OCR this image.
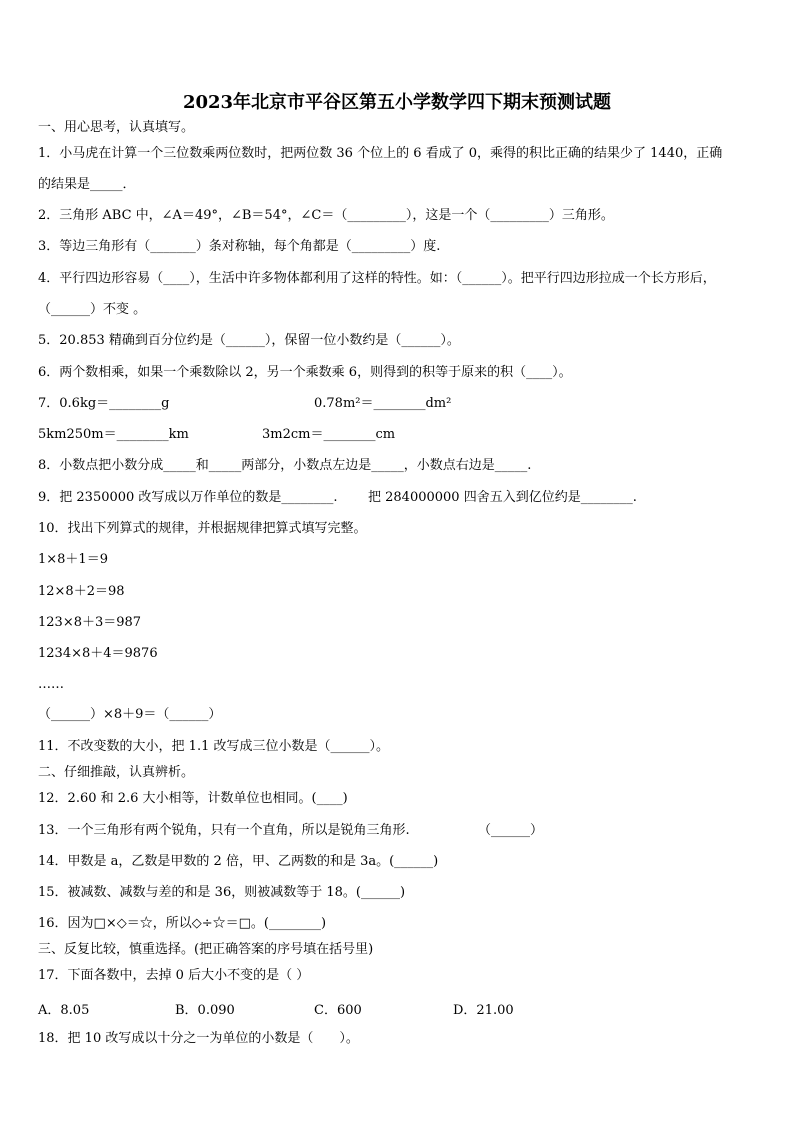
2023年北京市平谷区第五小学数学四下期末预测试题
一、用心思考，认真填写。
1．小马虎在计算一个三位数乘两位数时，把两位数 36 个位上的 6 看成了 0，乘得的积比正确的结果少了 1440，正确
的结果是_____．
2．三角形 ABC 中，∠A＝49°，∠B＝54°，∠C＝（_________），这是一个（_________）三角形。
3．等边三角形有（_______）条对称轴，每个角都是（_________）度.
4．平行四边形容易（____），生活中许多物体都利用了这样的特性。如：（______）。把平行四边形拉成一个长方形后，
（______）不变 。
5．20.853 精确到百分位约是（______），保留一位小数约是（______）。
6．两个数相乘，如果一个乘数除以 2，另一个乘数乘 6，则得到的积等于原来的积（____）。
7．0.6kg＝________g	0.78m²＝________dm²
5km250m＝________km	3m2cm＝________cm
8．小数点把小数分成_____和_____两部分，小数点左边是_____，小数点右边是_____.
9．把 2350000 改写成以万作单位的数是________.	把 284000000 四舍五入到亿位约是________.
10．找出下列算式的规律，并根据规律把算式填写完整。
1×8＋1＝9
12×8＋2＝98
123×8＋3＝987
1234×8＋4＝9876
……
（______）×8＋9＝（______）
11．不改变数的大小，把 1.1 改写成三位小数是（______）。
二、仔细推敲，认真辨析。
12．2.60 和 2.6 大小相等，计数单位也相同。(____)
13．一个三角形有两个锐角，只有一个直角，所以是锐角三角形.	（______）
14．甲数是 a，乙数是甲数的 2 倍，甲、乙两数的和是 3a。(______)
15．被减数、减数与差的和是 36，则被减数等于 18。(______)
16．因为□×◇＝☆，所以◇÷☆＝□。(________)
三、反复比较，慎重选择。(把正确答案的序号填在括号里)
17．下面各数中，去掉 0 后大小不变的是（ ）
A．8.05	B．0.090	C．600	D．21.00
18．把 10 改写成以十分之一为单位的小数是（　　）。
